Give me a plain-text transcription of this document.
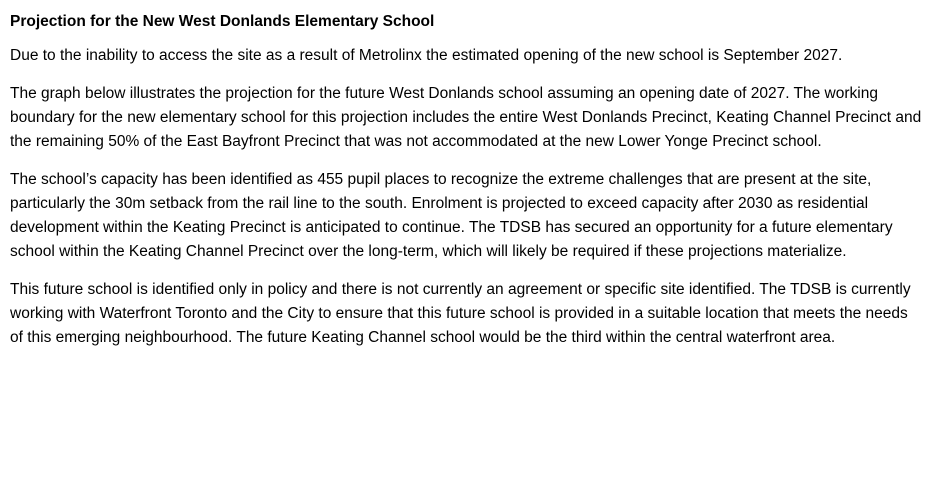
Projection for the New West Donlands Elementary School

Due to the inability to access the site as a result of Metrolinx the estimated opening of the new school is September 2027.

The graph below illustrates the projection for the future West Donlands school assuming an opening date of 2027. The working boundary for the new elementary school for this projection includes the entire West Donlands Precinct, Keating Channel Precinct and the remaining 50% of the East Bayfront Precinct that was not accommodated at the new Lower Yonge Precinct school.

The school’s capacity has been identified as 455 pupil places to recognize the extreme challenges that are present at the site, particularly the 30m setback from the rail line to the south. Enrolment is projected to exceed capacity after 2030 as residential development within the Keating Precinct is anticipated to continue. The TDSB has secured an opportunity for a future elementary school within the Keating Channel Precinct over the long-term, which will likely be required if these projections materialize.

This future school is identified only in policy and there is not currently an agreement or specific site identified. The TDSB is currently working with Waterfront Toronto and the City to ensure that this future school is provided in a suitable location that meets the needs of this emerging neighbourhood. The future Keating Channel school would be the third within the central waterfront area.
